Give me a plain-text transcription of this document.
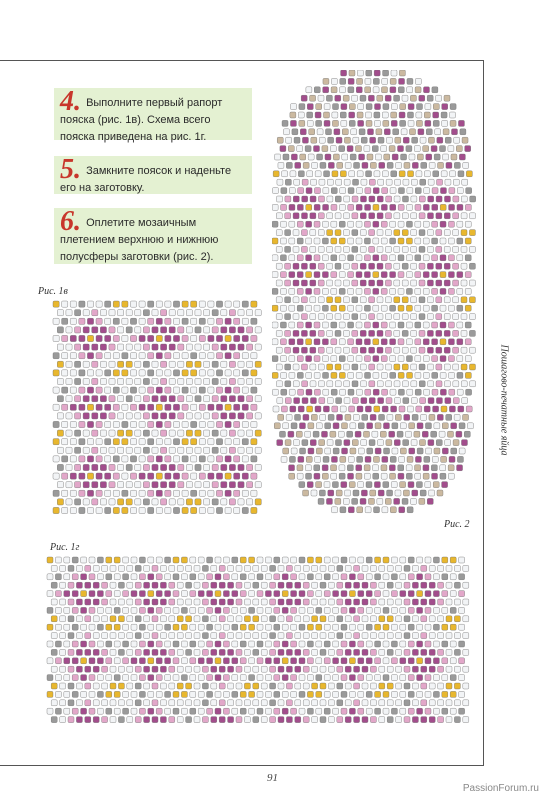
4. Выполните первый рапорт пояска (рис. 1в). Схема всего пояска приведена на рис. 1г.
5. Замкните поясок и наденьте его на заготовку.
6. Оплетите мозаичным плетением верхнюю и нижнюю полусферы заготовки (рис. 2).
Рис. 1в
Рис. 2
Рис. 1г
Пошагово-печатные яйца
91
PassionForum.ru
